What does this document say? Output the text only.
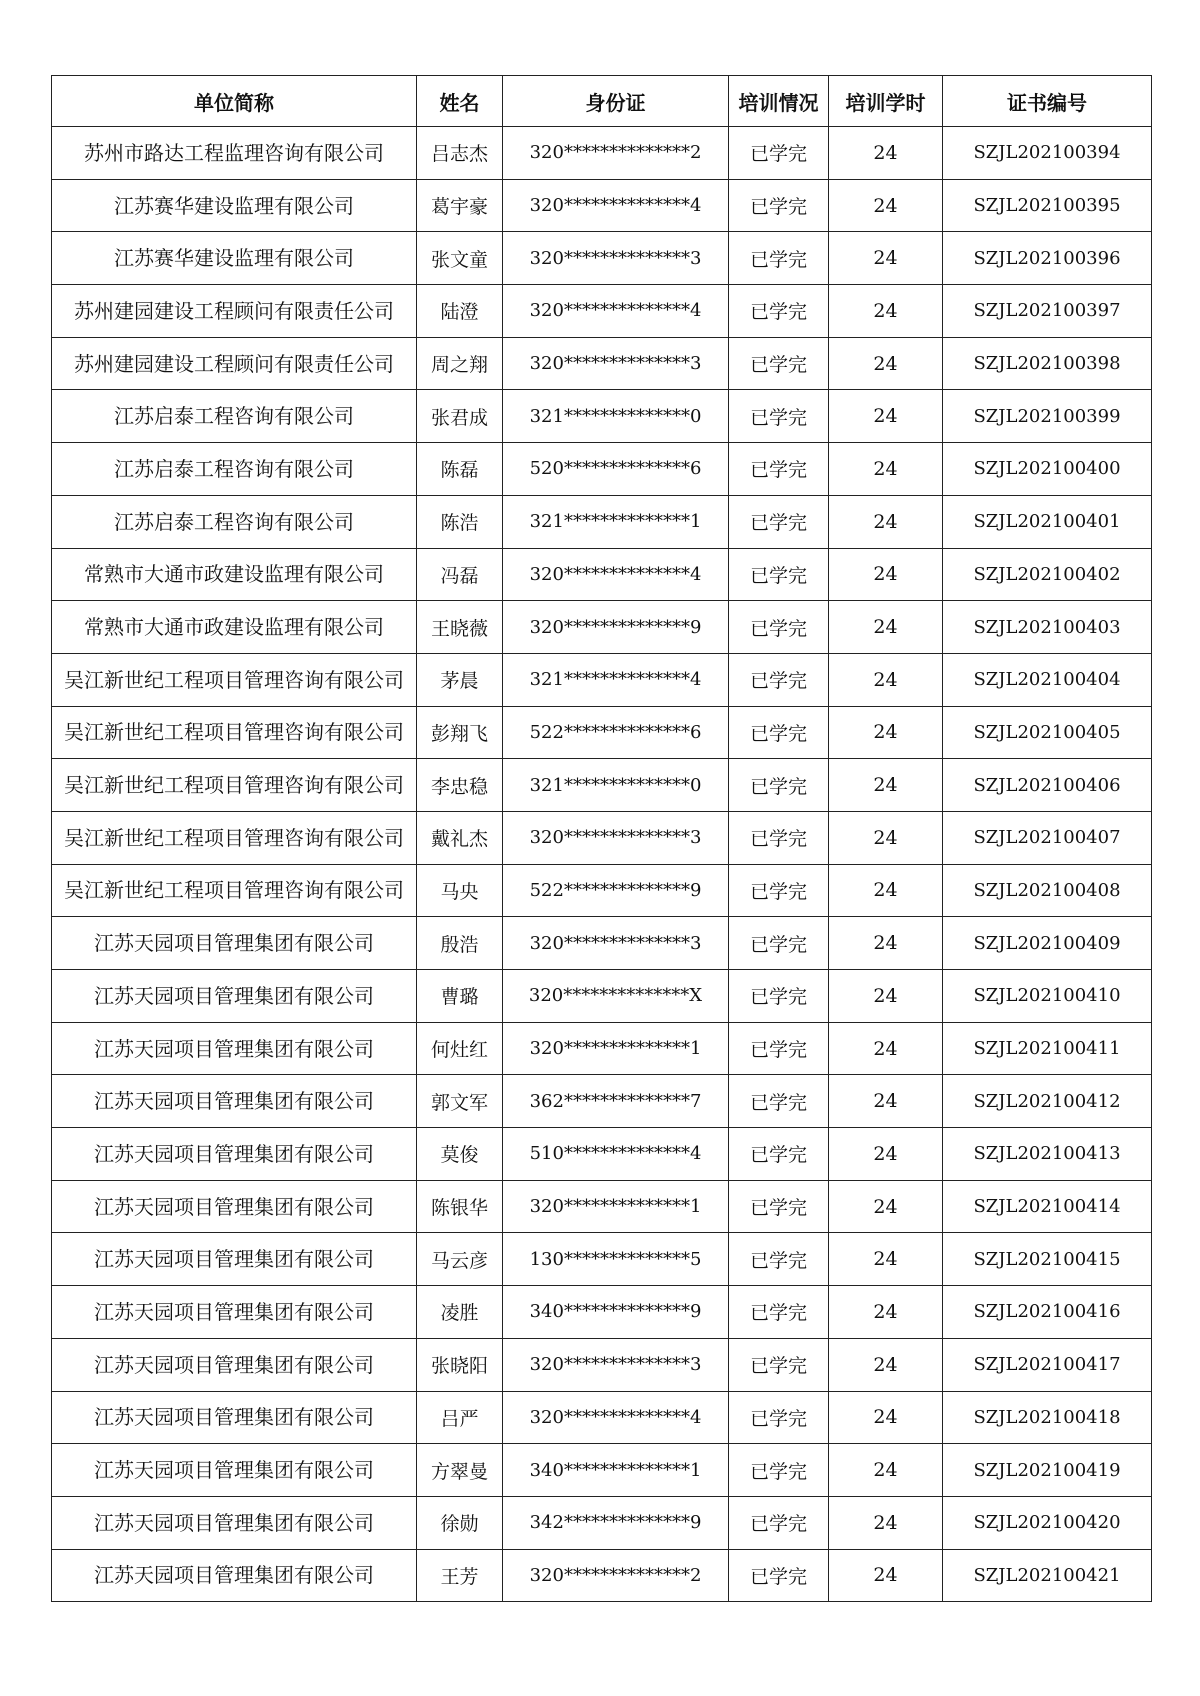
单位简称	姓名	身份证	培训情况	培训学时	证书编号
苏州市路达工程监理咨询有限公司	吕志杰	320**************2	已学完	24	SZJL202100394
江苏赛华建设监理有限公司	葛宇豪	320**************4	已学完	24	SZJL202100395
江苏赛华建设监理有限公司	张文童	320**************3	已学完	24	SZJL202100396
苏州建园建设工程顾问有限责任公司	陆澄	320**************4	已学完	24	SZJL202100397
苏州建园建设工程顾问有限责任公司	周之翔	320**************3	已学完	24	SZJL202100398
江苏启泰工程咨询有限公司	张君成	321**************0	已学完	24	SZJL202100399
江苏启泰工程咨询有限公司	陈磊	520**************6	已学完	24	SZJL202100400
江苏启泰工程咨询有限公司	陈浩	321**************1	已学完	24	SZJL202100401
常熟市大通市政建设监理有限公司	冯磊	320**************4	已学完	24	SZJL202100402
常熟市大通市政建设监理有限公司	王晓薇	320**************9	已学完	24	SZJL202100403
吴江新世纪工程项目管理咨询有限公司	茅晨	321**************4	已学完	24	SZJL202100404
吴江新世纪工程项目管理咨询有限公司	彭翔飞	522**************6	已学完	24	SZJL202100405
吴江新世纪工程项目管理咨询有限公司	李忠稳	321**************0	已学完	24	SZJL202100406
吴江新世纪工程项目管理咨询有限公司	戴礼杰	320**************3	已学完	24	SZJL202100407
吴江新世纪工程项目管理咨询有限公司	马央	522**************9	已学完	24	SZJL202100408
江苏天园项目管理集团有限公司	殷浩	320**************3	已学完	24	SZJL202100409
江苏天园项目管理集团有限公司	曹璐	320**************X	已学完	24	SZJL202100410
江苏天园项目管理集团有限公司	何灶红	320**************1	已学完	24	SZJL202100411
江苏天园项目管理集团有限公司	郭文军	362**************7	已学完	24	SZJL202100412
江苏天园项目管理集团有限公司	莫俊	510**************4	已学完	24	SZJL202100413
江苏天园项目管理集团有限公司	陈银华	320**************1	已学完	24	SZJL202100414
江苏天园项目管理集团有限公司	马云彦	130**************5	已学完	24	SZJL202100415
江苏天园项目管理集团有限公司	凌胜	340**************9	已学完	24	SZJL202100416
江苏天园项目管理集团有限公司	张晓阳	320**************3	已学完	24	SZJL202100417
江苏天园项目管理集团有限公司	吕严	320**************4	已学完	24	SZJL202100418
江苏天园项目管理集团有限公司	方翠曼	340**************1	已学完	24	SZJL202100419
江苏天园项目管理集团有限公司	徐勋	342**************9	已学完	24	SZJL202100420
江苏天园项目管理集团有限公司	王芳	320**************2	已学完	24	SZJL202100421
